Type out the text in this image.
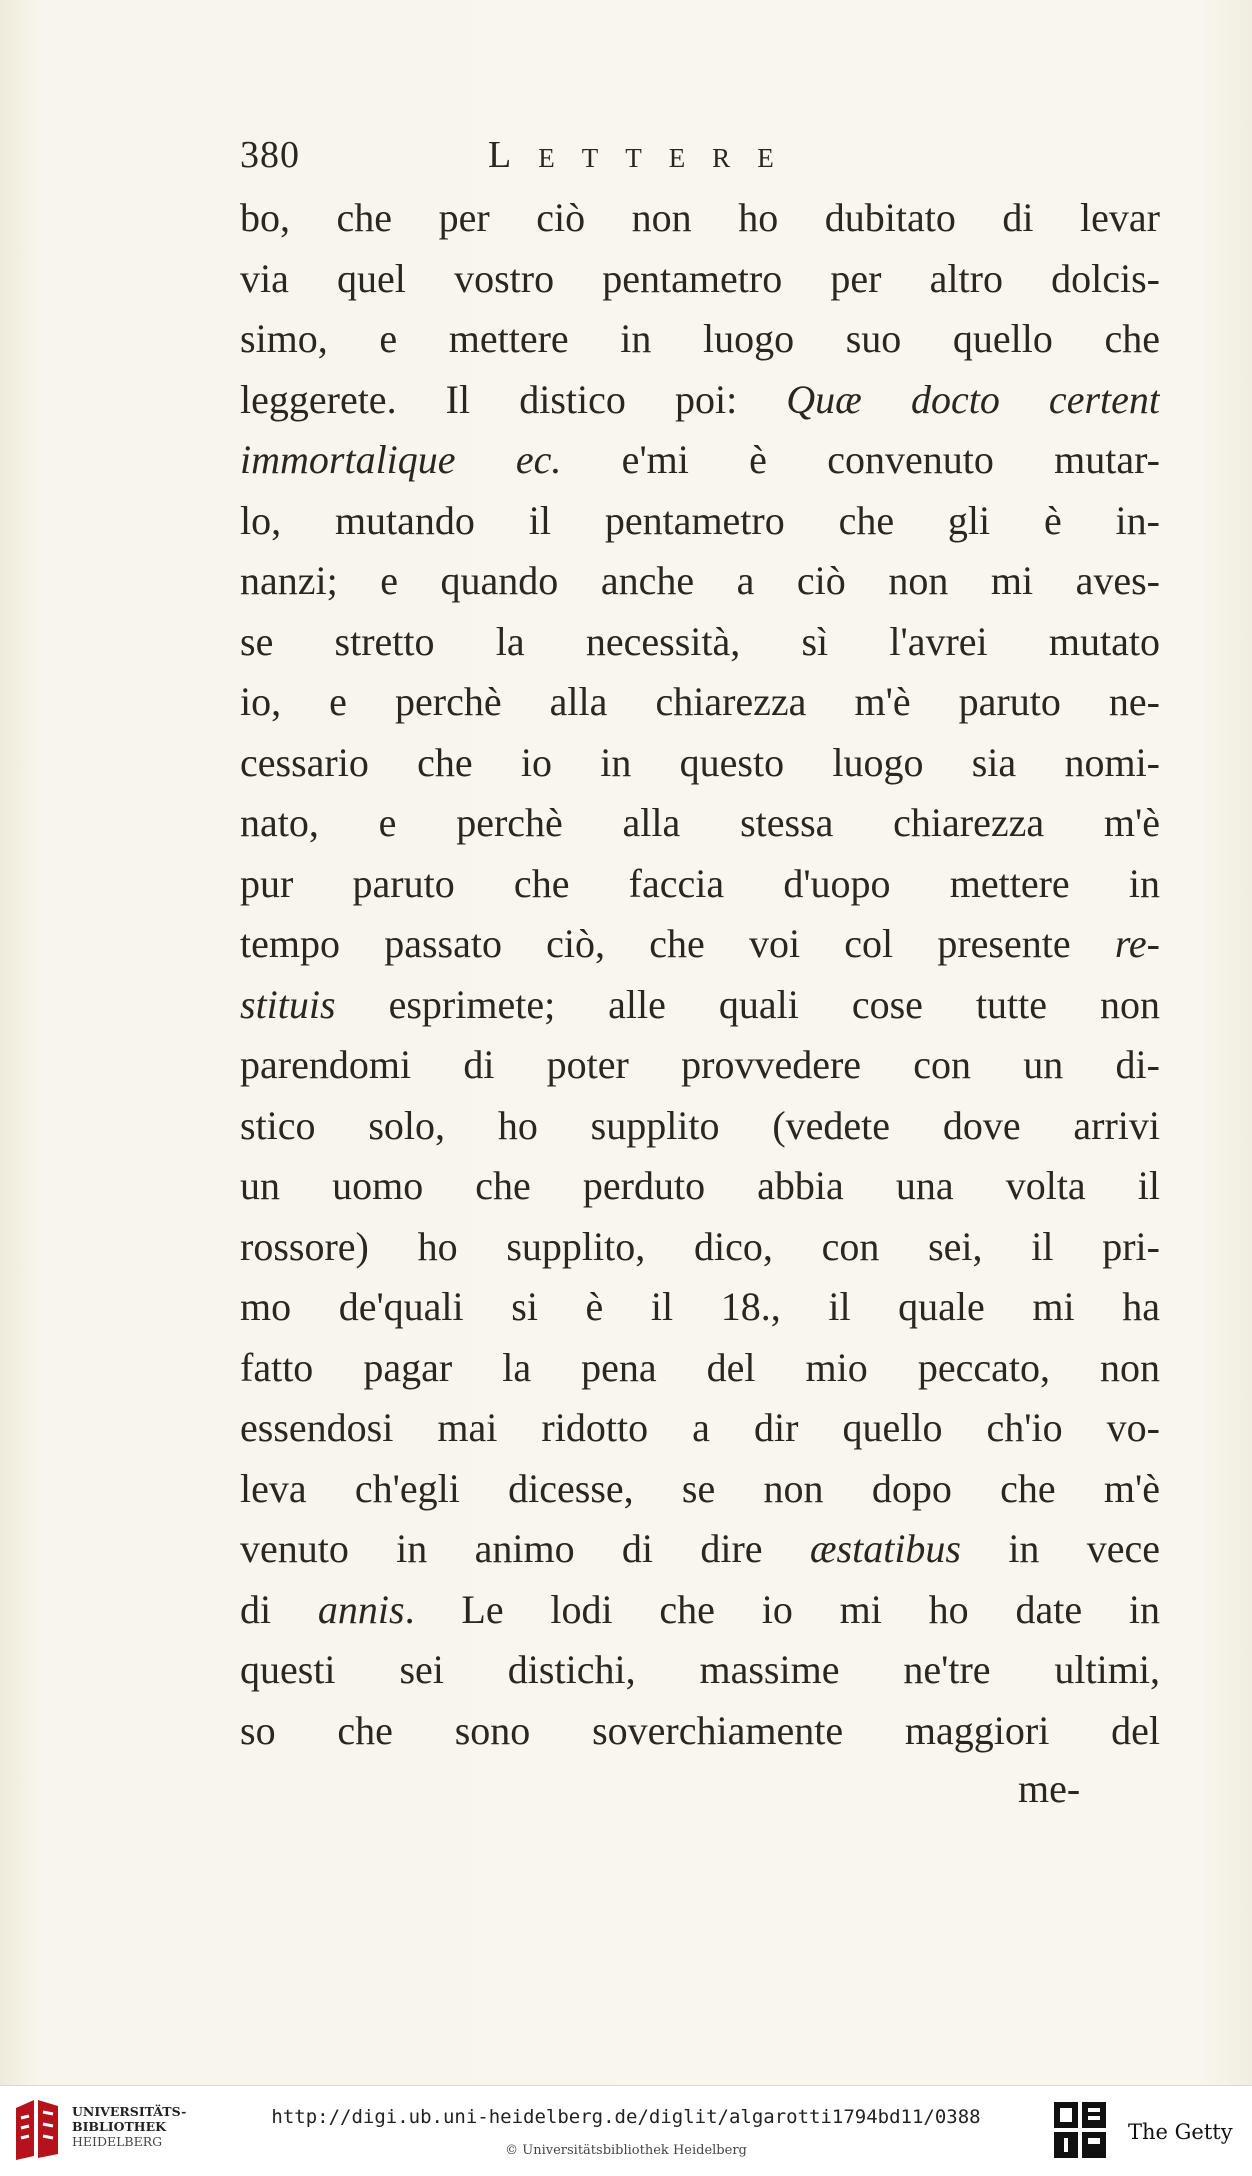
380	Lettere
bo, che per ciò non ho dubitato di levar
via quel vostro pentametro per altro dolcis-
simo, e mettere in luogo suo quello che
leggerete. Il distico poi: Quæ docto certent
immortalique ec. e'mi è convenuto mutar-
lo, mutando il pentametro che gli è in-
nanzi; e quando anche a ciò non mi aves-
se stretto la necessità, sì l'avrei mutato
io, e perchè alla chiarezza m'è paruto ne-
cessario che io in questo luogo sia nomi-
nato, e perchè alla stessa chiarezza m'è
pur paruto che faccia d'uopo mettere in
tempo passato ciò, che voi col presente re-
stituis esprimete; alle quali cose tutte non
parendomi di poter provvedere con un di-
stico solo, ho supplito (vedete dove arrivi
un uomo che perduto abbia una volta il
rossore) ho supplito, dico, con sei, il pri-
mo de'quali si è il 18., il quale mi ha
fatto pagar la pena del mio peccato, non
essendosi mai ridotto a dir quello ch'io vo-
leva ch'egli dicesse, se non dopo che m'è
venuto in animo di dire æstatibus in vece
di annis. Le lodi che io mi ho date in
questi sei distichi, massime ne'tre ultimi,
so che sono soverchiamente maggiori del
me-
UNIVERSITÄTS-
BIBLIOTHEK
HEIDELBERG
http://digi.ub.uni-heidelberg.de/diglit/algarotti1794bd11/0388
© Universitätsbibliothek Heidelberg
The Getty
